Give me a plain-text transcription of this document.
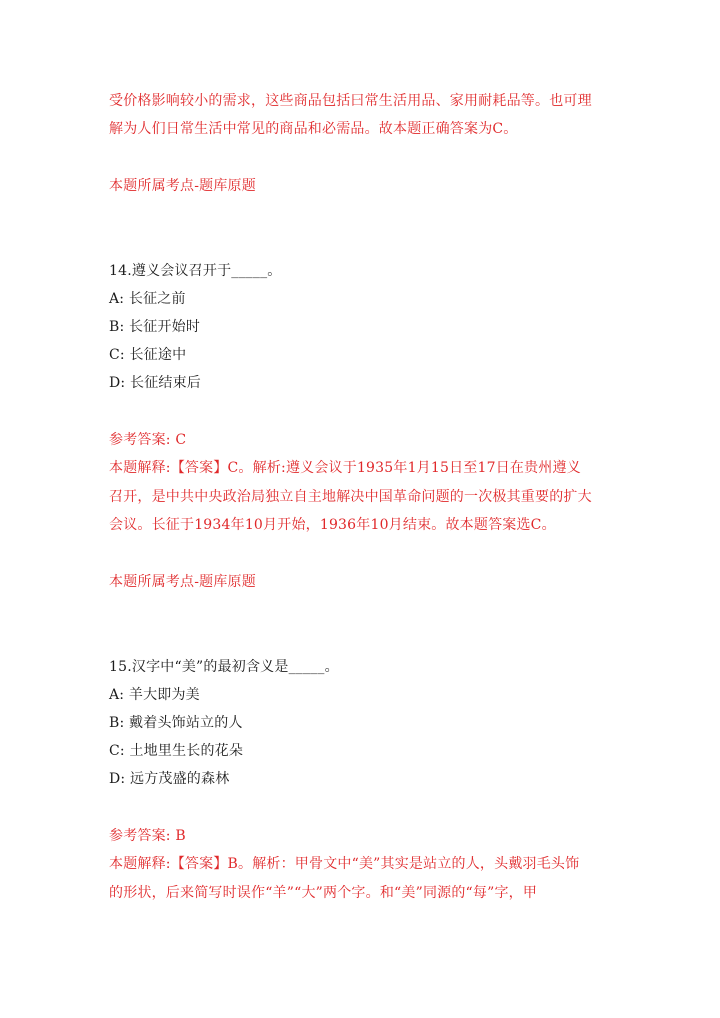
受价格影响较小的需求，这些商品包括曰常生活用品、家用耐耗品等。也可理
解为人们日常生活中常见的商品和必需品。故本题正确答案为C。
本题所属考点-题库原题
14.遵义会议召开于_____。
A: 长征之前
B: 长征开始时
C: 长征途中
D: 长征结束后
参考答案: C
本题解释:【答案】C。解析:遵义会议于1935年1月15日至17日在贵州遵义
召开，是中共中央政治局独立自主地解决中国革命问题的一次极其重要的扩大
会议。长征于1934年10月开始，1936年10月结束。故本题答案选C。
本题所属考点-题库原题
15.汉字中“美”的最初含义是_____。
A: 羊大即为美
B: 戴着头饰站立的人
C: 土地里生长的花朵
D: 远方茂盛的森林
参考答案: B
本题解释:【答案】B。解析：甲骨文中“美”其实是站立的人，头戴羽毛头饰
的形状，后来简写时误作“羊”“大”两个字。和“美”同源的“每”字，甲
